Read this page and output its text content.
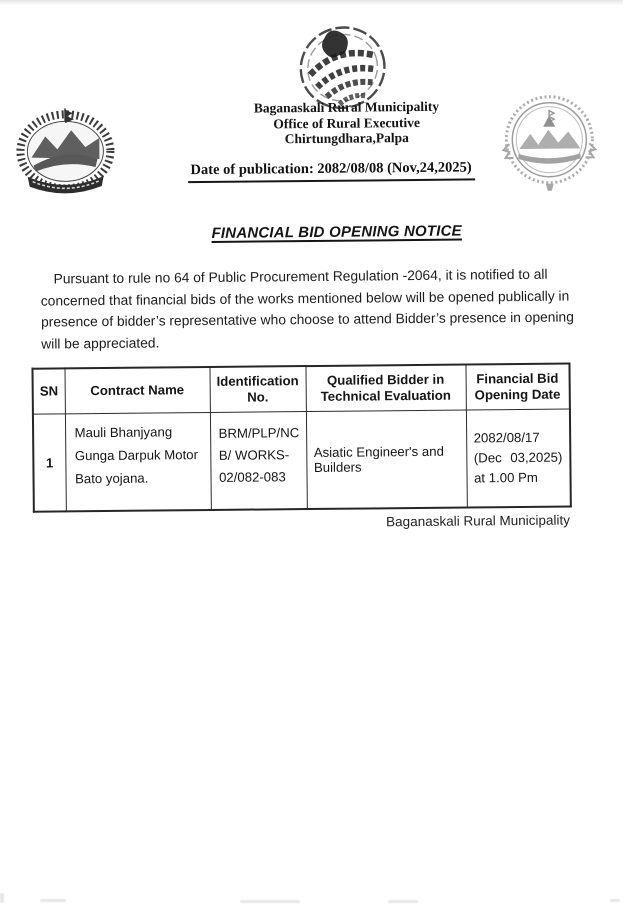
Baganaskali Rural Municipality
Office of Rural Executive
Chirtungdhara,Palpa
Date of publication: 2082/08/08 (Nov,24,2025)
FINANCIAL BID OPENING NOTICE

Pursuant to rule no 64 of Public Procurement Regulation -2064, it is notified to all concerned that financial bids of the works mentioned below will be opened publically in presence of bidder’s representative who choose to attend Bidder’s presence in opening will be appreciated.

SN	Contract Name	Identification No.	Qualified Bidder in Technical Evaluation	Financial Bid Opening Date
1	Mauli Bhanjyang Gunga Darpuk Motor Bato yojana.	BRM/PLP/NCB/ WORKS-02/082-083	Asiatic Engineer's and Builders	2082/08/17 (Dec 03,2025) at 1.00 Pm
Baganaskali Rural Municipality
